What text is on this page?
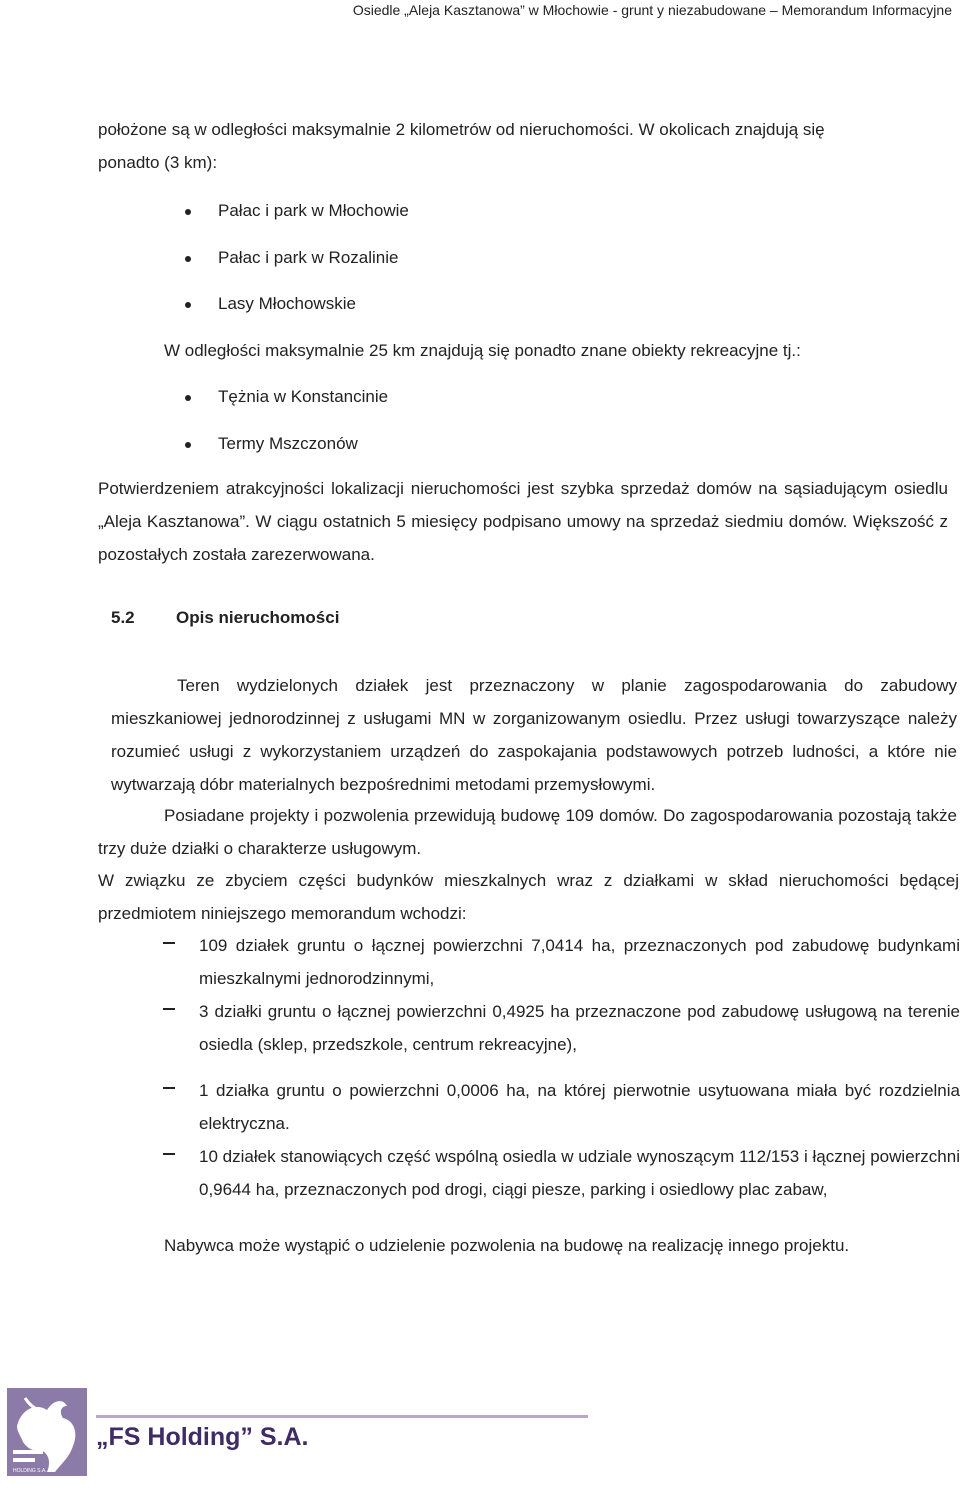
Osiedle „Aleja Kasztanowa” w Młochowie - grunt y niezabudowane – Memorandum Informacyjne
położone są w odległości maksymalnie 2 kilometrów od nieruchomości. W okolicach znajdują się
ponadto (3 km):
Pałac i park w Młochowie
Pałac i park w Rozalinie
Lasy Młochowskie
W odległości maksymalnie 25 km znajdują się ponadto znane obiekty rekreacyjne tj.:
Tężnia w Konstancinie
Termy Mszczonów
Potwierdzeniem atrakcyjności lokalizacji nieruchomości jest szybka sprzedaż domów na sąsiadującym osiedlu „Aleja Kasztanowa”. W ciągu ostatnich 5 miesięcy podpisano umowy na sprzedaż siedmiu domów. Większość z pozostałych została zarezerwowana.
5.2 Opis nieruchomości
Teren wydzielonych działek jest przeznaczony w planie zagospodarowania do zabudowy mieszkaniowej jednorodzinnej z usługami MN w zorganizowanym osiedlu. Przez usługi towarzyszące należy rozumieć usługi z wykorzystaniem urządzeń do zaspokajania podstawowych potrzeb ludności, a które nie wytwarzają dóbr materialnych bezpośrednimi metodami przemysłowymi.
Posiadane projekty i pozwolenia przewidują budowę 109 domów. Do zagospodarowania pozostają także trzy duże działki o charakterze usługowym.
W związku ze zbyciem części budynków mieszkalnych wraz z działkami w skład nieruchomości będącej przedmiotem niniejszego memorandum wchodzi:
109 działek gruntu o łącznej powierzchni 7,0414 ha, przeznaczonych pod zabudowę budynkami mieszkalnymi jednorodzinnymi,
3 działki gruntu o łącznej powierzchni 0,4925 ha przeznaczone pod zabudowę usługową na terenie osiedla (sklep, przedszkole, centrum rekreacyjne),
1 działka gruntu o powierzchni 0,0006 ha, na której pierwotnie usytuowana miała być rozdzielnia elektryczna.
10 działek stanowiących część wspólną osiedla w udziale wynoszącym 112/153 i łącznej powierzchni 0,9644 ha, przeznaczonych pod drogi, ciągi piesze, parking i osiedlowy plac zabaw,
Nabywca może wystąpić o udzielenie pozwolenia na budowę na realizację innego projektu.
HOLDING S.A.
„FS Holding” S.A.
